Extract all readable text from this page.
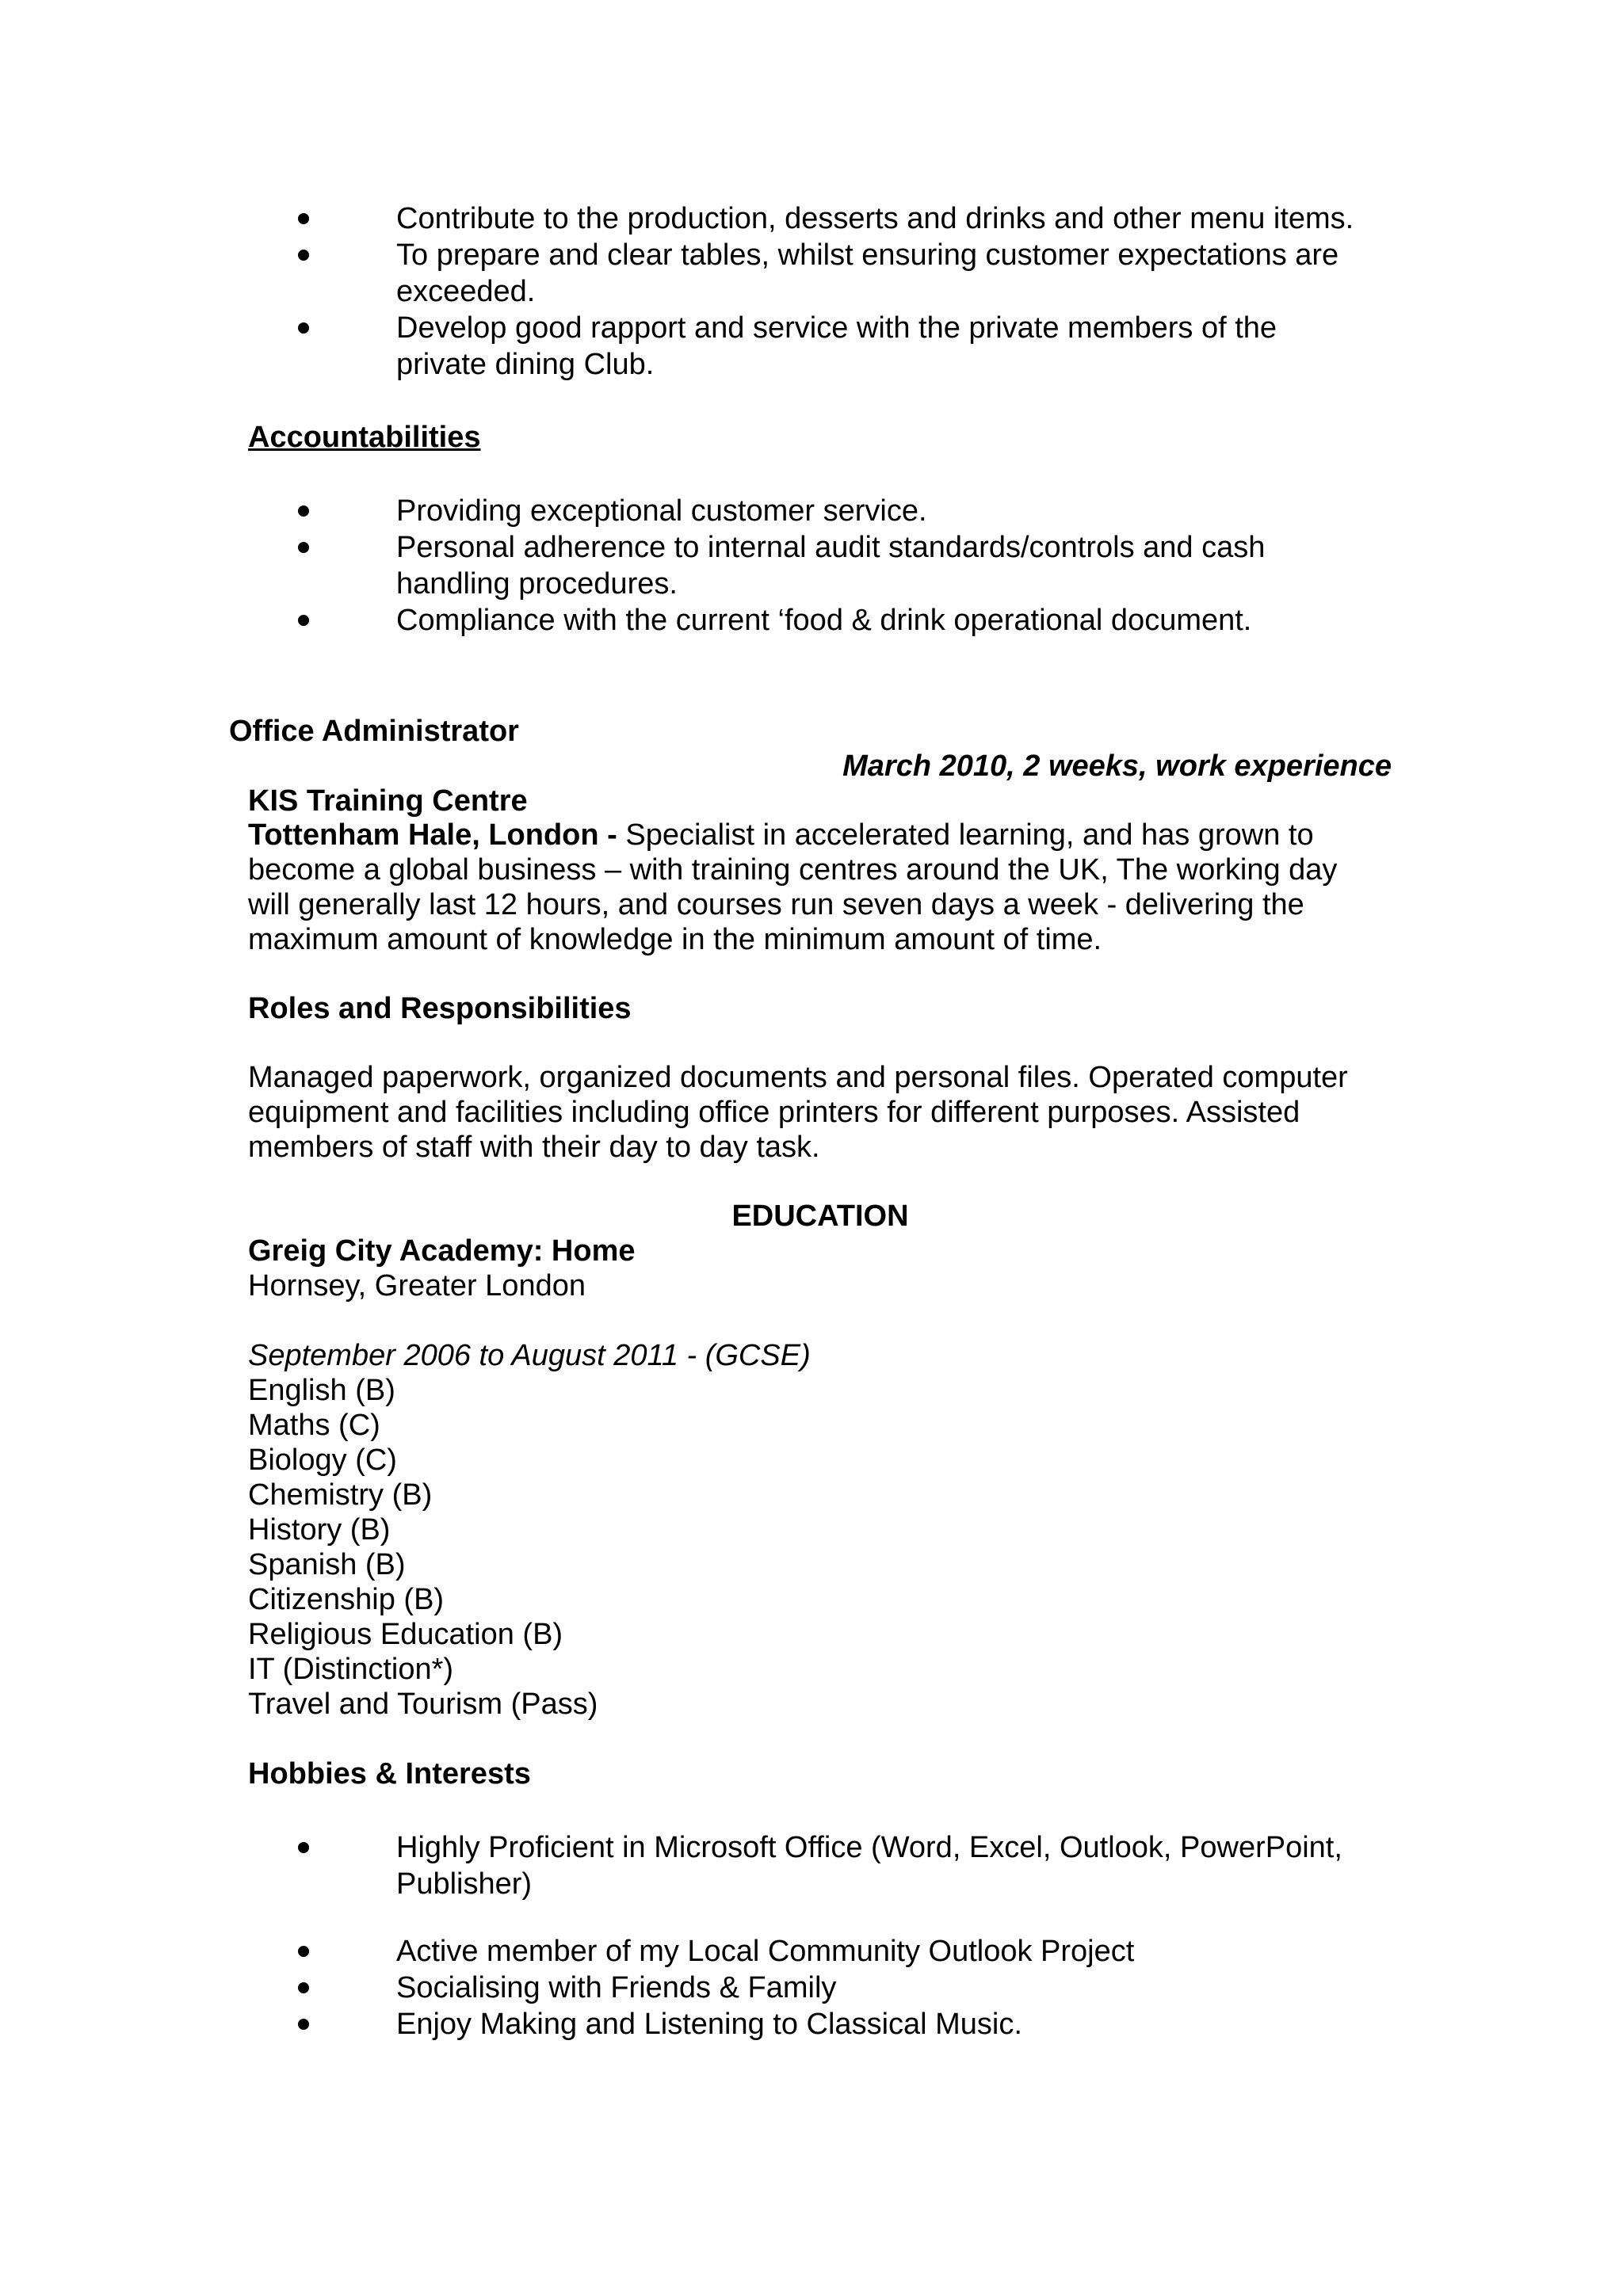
Contribute to the production, desserts and drinks and other menu items.
To prepare and clear tables, whilst ensuring customer expectations are exceeded.
Develop good rapport and service with the private members of the private dining Club.
Accountabilities
Providing exceptional customer service.
Personal adherence to internal audit standards/controls and cash handling procedures.
Compliance with the current ‘food & drink operational document.
Office Administrator
March 2010, 2 weeks, work experience
KIS Training Centre
Tottenham Hale, London - Specialist in accelerated learning, and has grown to become a global business – with training centres around the UK, The working day will generally last 12 hours, and courses run seven days a week - delivering the maximum amount of knowledge in the minimum amount of time.
Roles and Responsibilities
Managed paperwork, organized documents and personal files. Operated computer equipment and facilities including office printers for different purposes. Assisted members of staff with their day to day task.
EDUCATION
Greig City Academy: Home
Hornsey, Greater London
September 2006 to August 2011 - (GCSE)
English (B)
Maths (C)
Biology (C)
Chemistry (B)
History (B)
Spanish (B)
Citizenship (B)
Religious Education (B)
IT (Distinction*)
Travel and Tourism (Pass)
Hobbies & Interests
Highly Proficient in Microsoft Office (Word, Excel, Outlook, PowerPoint, Publisher)
Active member of my Local Community Outlook Project
Socialising with Friends & Family
Enjoy Making and Listening to Classical Music.
